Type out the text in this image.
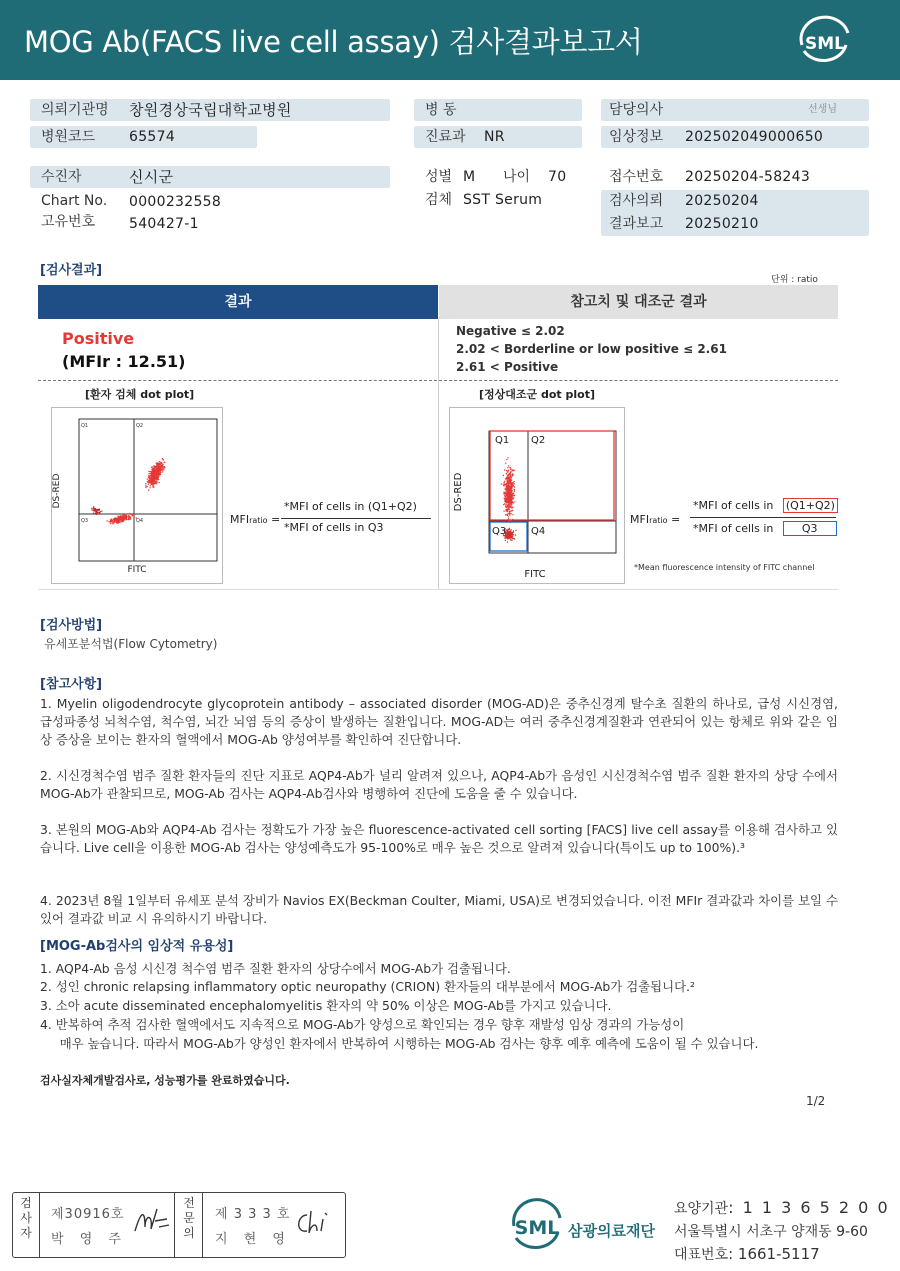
MOG Ab(FACS live cell assay) 검사결과보고서	SML
의뢰기관명 창원경상국립대학교병원
병원코드 65574
병 동
진료과 NR
담당의사	선생님
임상정보 202502049000650
수진자	신시군
Chart No. 0000232558
고유번호 540427-1
성별 M 나이 70
검체 SST Serum
접수번호 20250204-58243
검사의뢰 20250204
결과보고 20250210
[검사결과]
단위 : ratio
결과	참고치 및 대조군 결과
Positive
(MFIr : 12.51)
Negative ≤ 2.02
2.02 < Borderline or low positive ≤ 2.61
2.61 < Positive
[환자 검체 dot plot]	[정상대조군 dot plot]
DS-RED
FITC
Q1	Q2
Q3	Q4	MFIratio =
*MFI of cells in (Q1+Q2)
*MFI of cells in Q3
DS-RED
FITC
Q1 Q2
Q3 Q4
MFIratio =
*MFI of cells in (Q1+Q2)
*MFI of cells in	Q3
*Mean fluorescence intensity of FITC channel
[검사방법]
유세포분석법(Flow Cytometry)
[참고사항]
1. Myelin oligodendrocyte glycoprotein antibody – associated disorder (MOG-AD)은 중추신경계 탈수초 질환의 하나로, 급성 시신경염, 급성파종성 뇌척수염, 척수염, 뇌간 뇌염 등의 증상이 발생하는 질환입니다. MOG-AD는 여러 중추신경계질환과 연관되어 있는 항체로 위와 같은 임상 증상을 보이는 환자의 혈액에서 MOG-Ab 양성여부를 확인하여 진단합니다.
2. 시신경척수염 범주 질환 환자들의 진단 지표로 AQP4-Ab가 널리 알려져 있으나, AQP4-Ab가 음성인 시신경척수염 범주 질환 환자의 상당 수에서 MOG-Ab가 관찰되므로, MOG-Ab 검사는 AQP4-Ab검사와 병행하여 진단에 도움을 줄 수 있습니다.
3. 본원의 MOG-Ab와 AQP4-Ab 검사는 정확도가 가장 높은 fluorescence-activated cell sorting [FACS] live cell assay를 이용해 검사하고 있습니다. Live cell을 이용한 MOG-Ab 검사는 양성예측도가 95-100%로 매우 높은 것으로 알려져 있습니다(특이도 up to 100%).³
4. 2023년 8월 1일부터 유세포 분석 장비가 Navios EX(Beckman Coulter, Miami, USA)로 변경되었습니다. 이전 MFIr 결과값과 차이를 보일 수 있어 결과값 비교 시 유의하시기 바랍니다.
[MOG-Ab검사의 임상적 유용성]
1. AQP4-Ab 음성 시신경 척수염 범주 질환 환자의 상당수에서 MOG-Ab가 검출됩니다.
2. 성인 chronic relapsing inflammatory optic neuropathy (CRION) 환자들의 대부분에서 MOG-Ab가 검출됩니다.²
3. 소아 acute disseminated encephalomyelitis 환자의 약 50% 이상은 MOG-Ab를 가지고 있습니다.
4. 반복하여 추적 검사한 혈액에서도 지속적으로 MOG-Ab가 양성으로 확인되는 경우 향후 재발성 임상 경과의 가능성이
매우 높습니다. 따라서 MOG-Ab가 양성인 환자에서 반복하여 시행하는 MOG-Ab 검사는 향후 예후 예측에 도움이 될 수 있습니다.
검사실자체개발검사로, 성능평가를 완료하였습니다.
1/2
검
사
자
제30916호
박 영 주
전
문
의
제 3 3 3 호
지 현 영
SML 삼광의료재단
요양기관: 1 1 3 6 5 2 0 0
서울특별시 서초구 양재동 9-60
대표번호: 1661-5117
